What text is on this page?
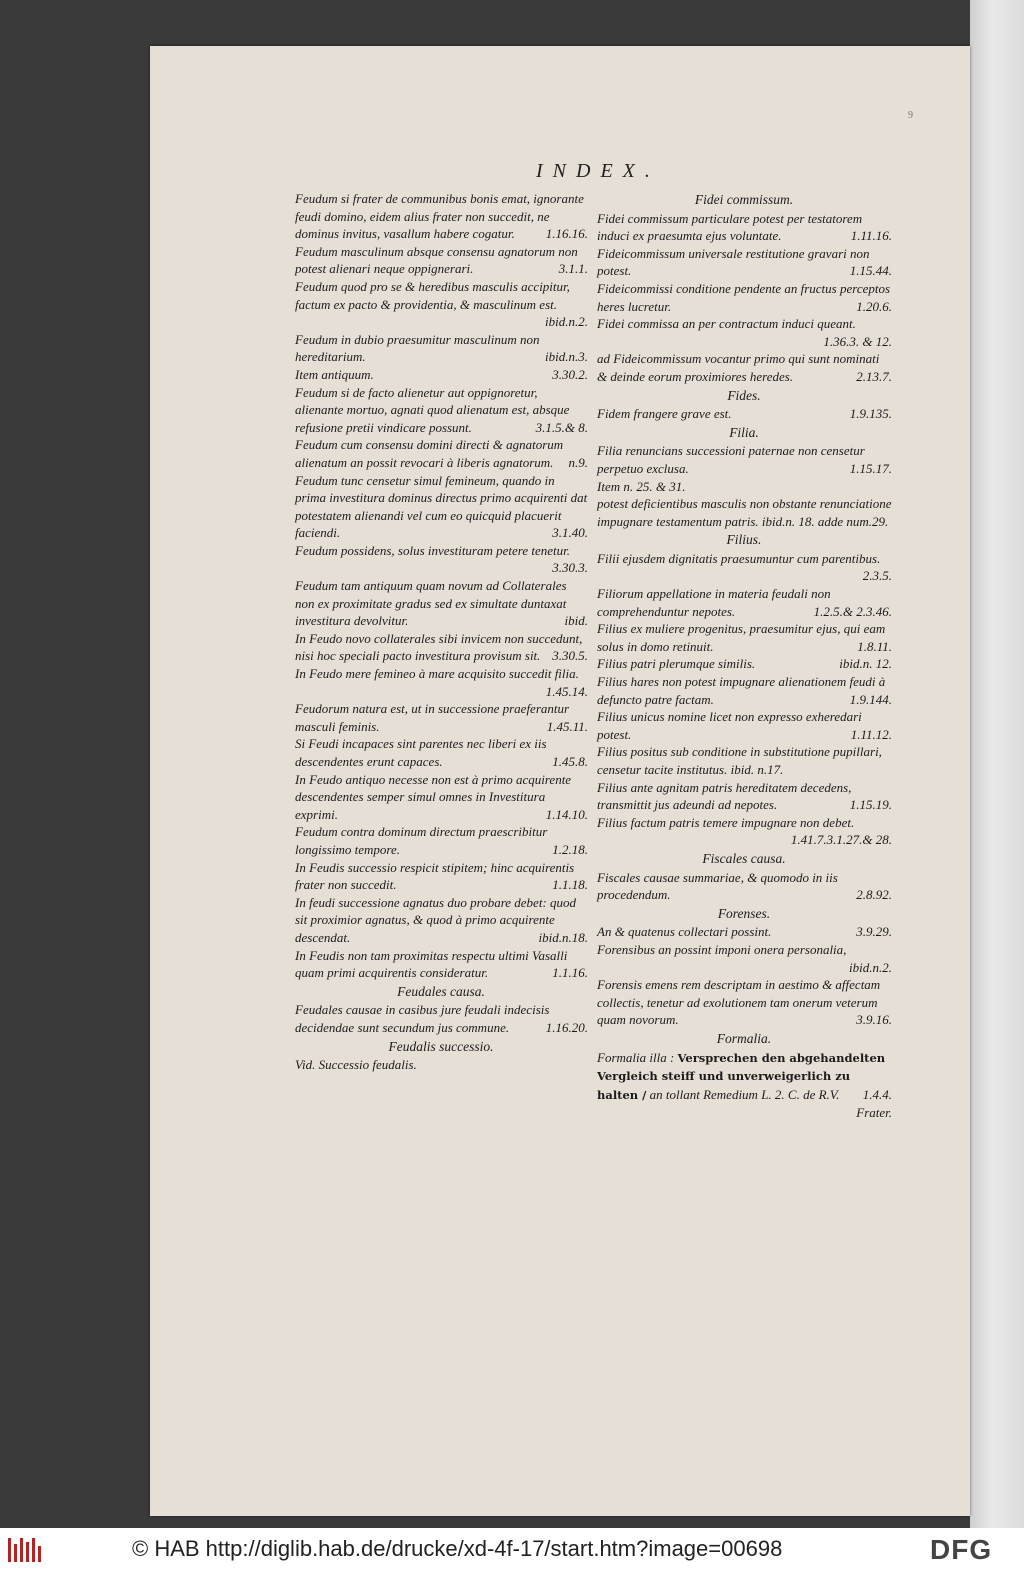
9
INDEX.
Feudum si frater de communibus bonis emat, ignorante feudi domino, eidem alius frater non succedit, ne dominus invitus, vasallum habere cogatur. 1.16.16.
Feudum masculinum absque consensu agnatorum non potest alienari neque oppignerari.	3.1.1.
Feudum quod pro se & heredibus masculis accipitur, factum ex pacto & providentia, & masculinum est.
ibid.n.2.
Feudum in dubio praesumitur masculinum non hereditarium.	ibid.n.3.
Item antiquum.	3.30.2.
Feudum si de facto alienetur aut oppignoretur, alienante mortuo, agnati quod alienatum est, absque refusione pretii vindicare possunt.	3.1.5.& 8.
Feudum cum consensu domini directi & agnatorum alienatum an possit revocari à liberis agnatorum. n.9.
Feudum tunc censetur simul femineum, quando in prima investitura dominus directus primo acquirenti dat potestatem alienandi vel cum eo quicquid placuerit faciendi.	3.1.40.
Feudum possidens, solus investituram petere tenetur.
3.30.3.
Feudum tam antiquum quam novum ad Collaterales non ex proximitate gradus sed ex simultate duntaxat investitura devolvitur.	ibid.
In Feudo novo collaterales sibi invicem non succedunt, nisi hoc speciali pacto investitura provisum sit. 3.30.5.
In Feudo mere femineo à mare acquisito succedit filia.
1.45.14.
Feudorum natura est, ut in successione praeferantur masculi feminis.	1.45.11.
Si Feudi incapaces sint parentes nec liberi ex iis descendentes erunt capaces.	1.45.8.
In Feudo antiquo necesse non est à primo acquirente descendentes semper simul omnes in Investitura exprimi.	1.14.10.
Feudum contra dominum directum praescribitur longissimo tempore.	1.2.18.
In Feudis successio respicit stipitem; hinc acquirentis frater non succedit.	1.1.18.
In feudi successione agnatus duo probare debet: quod sit proximior agnatus, & quod à primo acquirente descendat.	ibid.n.18.
In Feudis non tam proximitas respectu ultimi Vasalli quam primi acquirentis consideratur.	1.1.16.
Feudales causa.
Feudales causae in casibus jure feudali indecisis decidendae sunt secundum jus commune.	1.16.20.
Feudalis successio.
Vid. Successio feudalis.
Fidei commissum.
Fidei commissum particulare potest per testatorem induci ex praesumta ejus voluntate.	1.11.16.
Fideicommissum universale restitutione gravari non potest.	1.15.44.
Fideicommissi conditione pendente an fructus perceptos heres lucretur.	1.20.6.
Fidei commissa an per contractum induci queant.
1.36.3. & 12.
ad Fideicommissum vocantur primo qui sunt nominati & deinde eorum proximiores heredes.	2.13.7.
Fides.
Fidem frangere grave est.	1.9.135.
Filia.
Filia renuncians successioni paternae non censetur perpetuo exclusa.	1.15.17.
Item n. 25. & 31.
potest deficientibus masculis non obstante renunciatione impugnare testamentum patris. ibid.n. 18. adde num.29.
Filius.
Filii ejusdem dignitatis praesumuntur cum parentibus.
2.3.5.
Filiorum appellatione in materia feudali non comprehenduntur nepotes.	1.2.5.& 2.3.46.
Filius ex muliere progenitus, praesumitur ejus, qui eam solus in domo retinuit.	1.8.11.
Filius patri plerumque similis.	ibid.n. 12.
Filius hares non potest impugnare alienationem feudi à defuncto patre factam.	1.9.144.
Filius unicus nomine licet non expresso exheredari potest.	1.11.12.
Filius positus sub conditione in substitutione pupillari, censetur tacite institutus. ibid. n.17.
Filius ante agnitam patris hereditatem decedens, transmittit jus adeundi ad nepotes.	1.15.19.
Filius factum patris temere impugnare non debet.
1.41.7.3.1.27.& 28.
Fiscales causa.
Fiscales causae summariae, & quomodo in iis procedendum.	2.8.92.
Forenses.
An & quatenus collectari possint.	3.9.29.
Forensibus an possint imponi onera personalia,
ibid.n.2.
Forensis emens rem descriptam in aestimo & affectam collectis, tenetur ad exolutionem tam onerum veterum quam novorum.	3.9.16.
Formalia.
Formalia illa : Versprechen den abgehandelten Vergleich steiff und unverweigerlich zu halten / an tollant Remedium L. 2. C. de R.V. 1.4.4.
Frater.
© HAB http://diglib.hab.de/drucke/xd-4f-17/start.htm?image=00698	DFG
